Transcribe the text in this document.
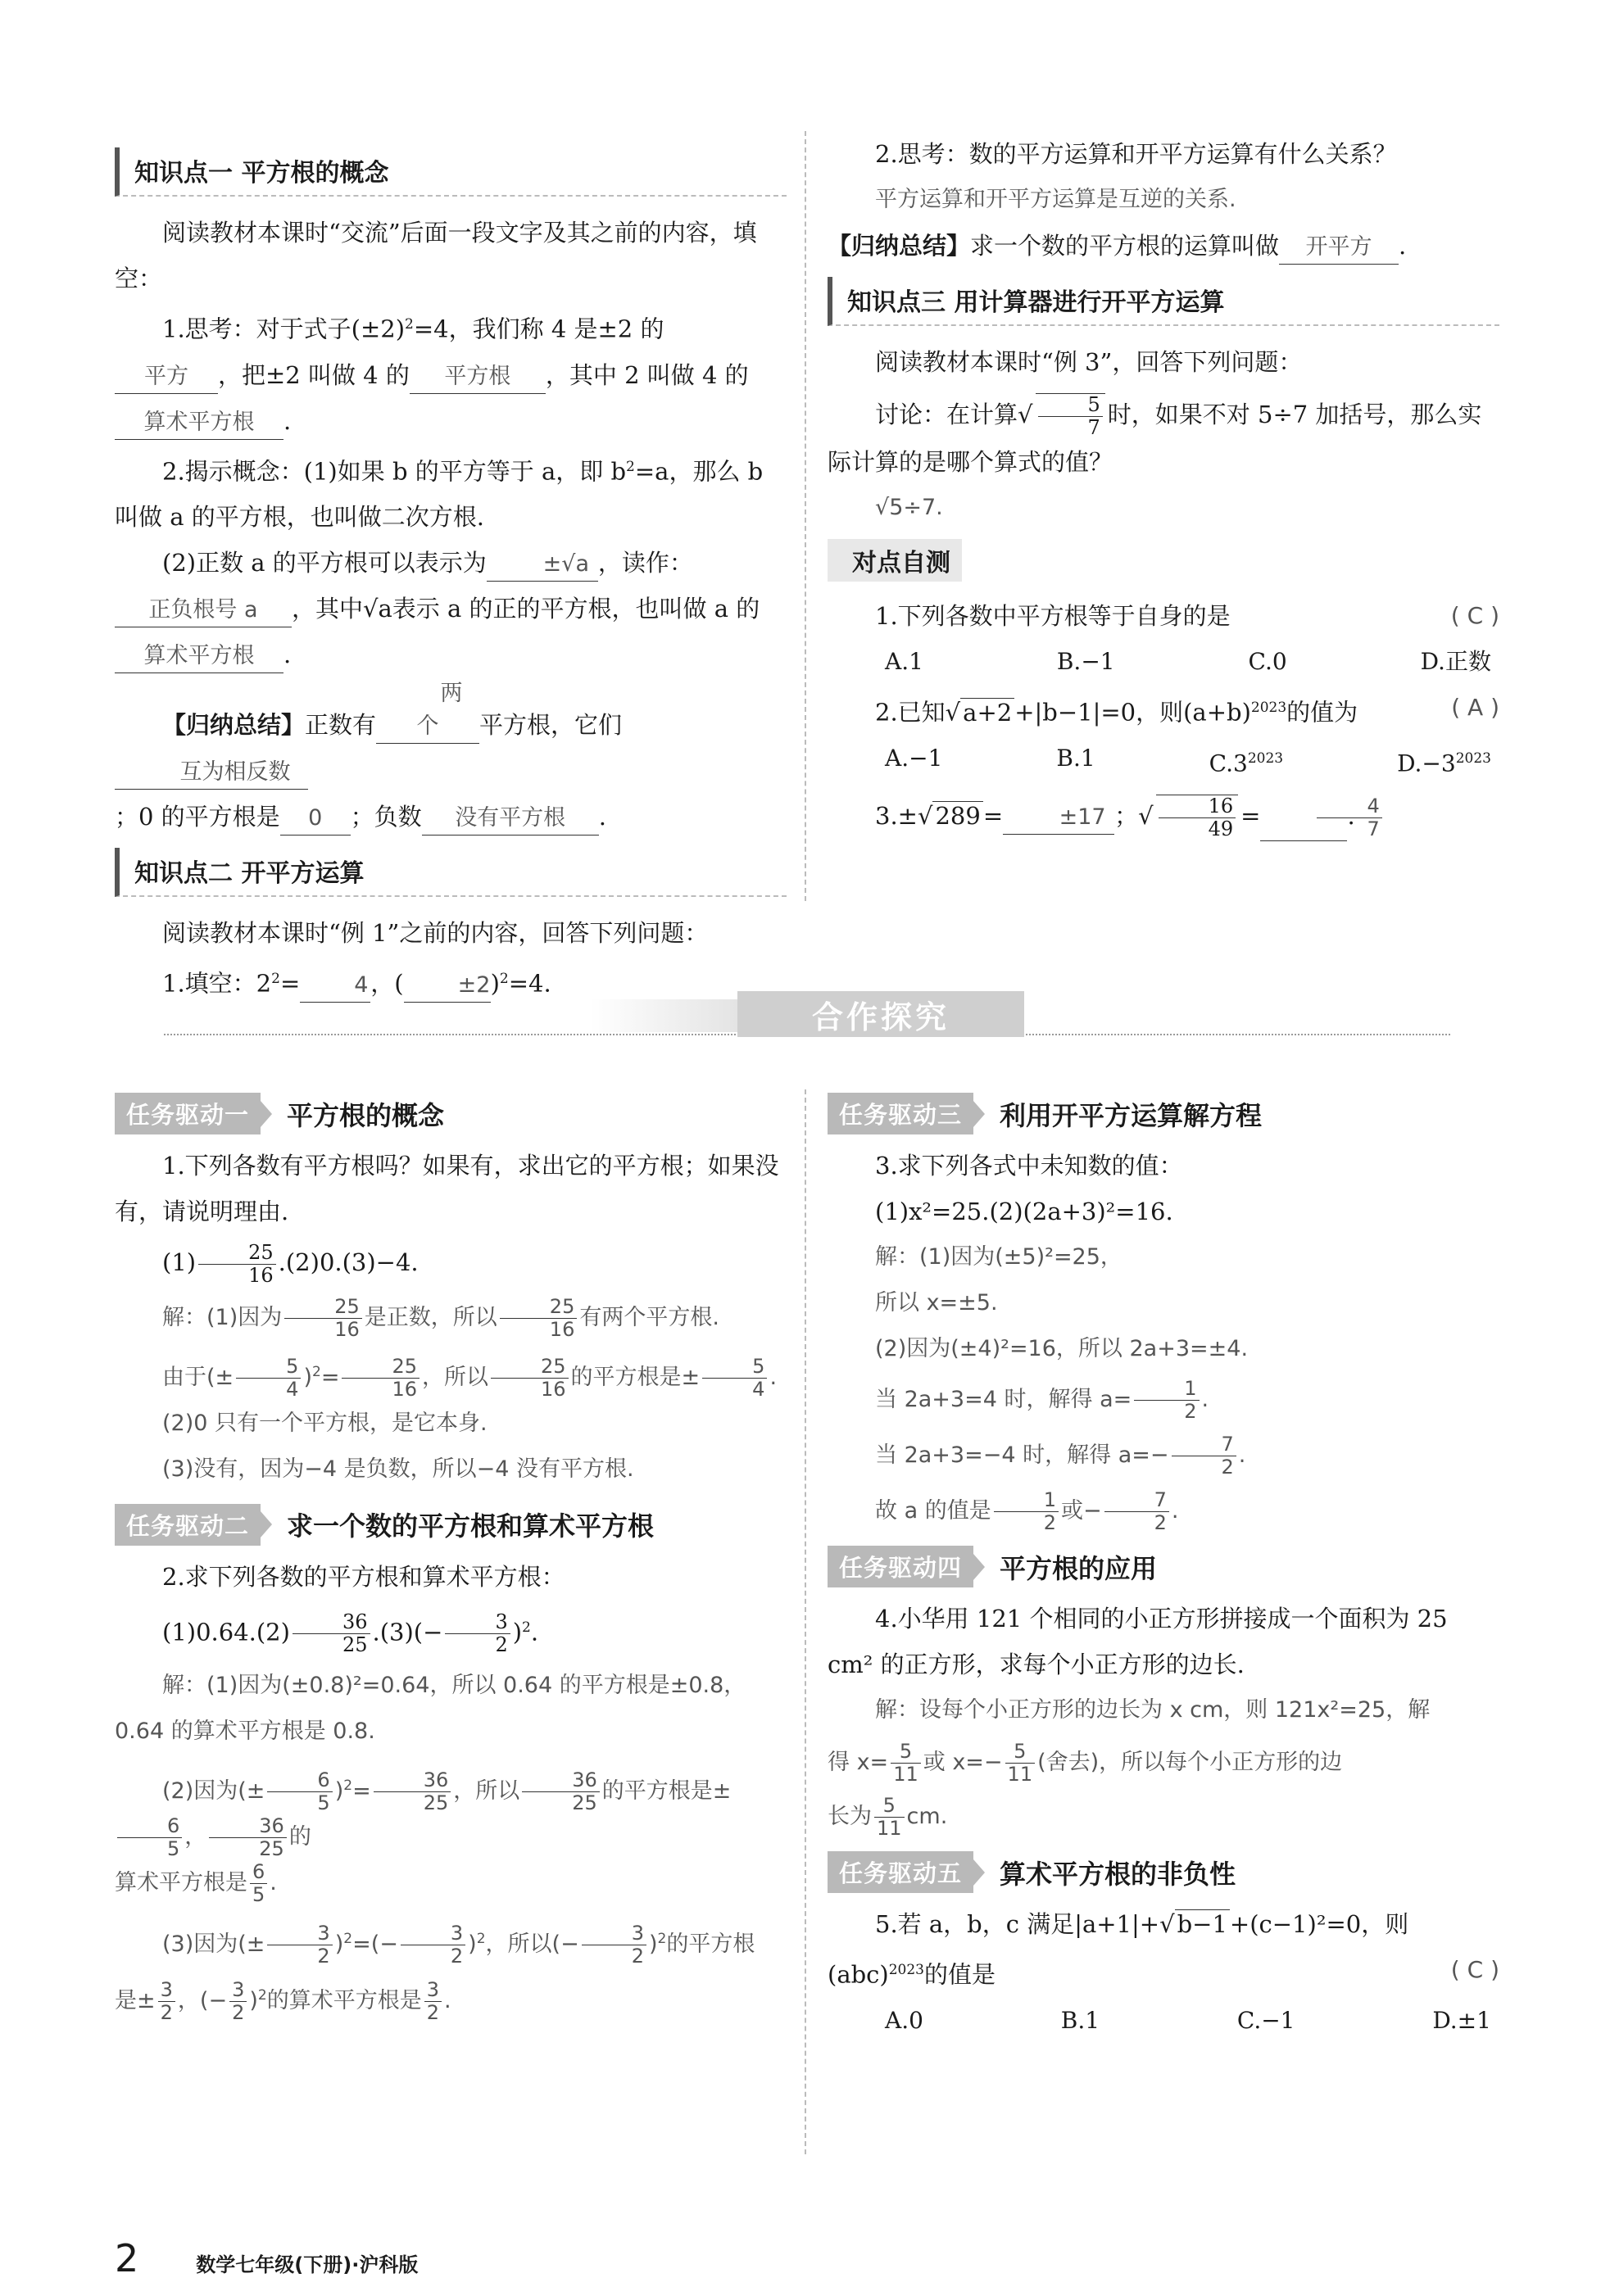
知识点一 平方根的概念

阅读教材本课时“交流”后面一段文字及其之前的内容，填空：

1.思考：对于式子$(\pm 2)^2=4$，我们称 4 是±2 的

平方 ，把±2 叫做 4 的 平方根 ，其中 2 叫做 4 的

算术平方根 .

2.揭示概念：(1)如果 b 的平方等于 a，即 $b^2=a$，那么 b 叫做 a 的平方根，也叫做二次方根.

(2)正数 a 的平方根可以表示为	±√a ，读作：

正负根号 a ，其中√a表示 a 的正的平方根，也叫做 a 的算术平方根 .

【归纳总结】正数有两个 平方根，它们互为相反数

；0 的平方根是 0 ；负数 没有平方根 .

知识点二 开平方运算

阅读教材本课时“例 1”之前的内容，回答下列问题：

1.填空：$2^2= 4$，( ±2)$^2$=4.

2.思考：数的平方运算和开平方运算有什么关系？

平方运算和开平方运算是互逆的关系.

【归纳总结】求一个数的平方根的运算叫做 开平方 .

知识点三 用计算器进行开平方运算

阅读教材本课时“例 3”，回答下列问题：

讨论：在计算√ $\frac{5}{7}$ 时，如果不对 5÷7 加括号，那么实际计算的是哪个算式的值？

√5÷7.

对点自测

1.下列各数中平方根等于自身的是	( C )

A.1	B.−1	C.0	D.正数

2.已知√ a+2 +|b−1|=0，则$(a+b)^{2023}$的值为	( A )

A.−1	B.1	$C.3^{2023}$	$D.-3^{2023}$

3.±√ 289 =	±17 ；√ $\frac{16}{49}$ =	$\frac{4}{7}$
.

合作探究
任务驱动一	平方根的概念

1.下列各数有平方根吗？如果有，求出它的平方根；如果没有，请说明理由.

$(1) \frac{25}{16} .(2)0.(3)-4$.

解：(1)因为 $\frac{25}{16}$ 是正数，所以 $\frac{25}{16}$ 有两个平方根.

由于(± $\frac{5}{4} )^2= \frac{25}{16}$ ，所以 $\frac{25}{16}$ 的平方根是± $\frac{5}{4}$ .

(2)0 只有一个平方根，是它本身.

(3)没有，因为−4 是负数，所以−4 没有平方根.

任务驱动二	求一个数的平方根和算术平方根

2.求下列各数的平方根和算术平方根：

$(1)0.64.(2) \frac{36}{25} .(3)(- \frac{3}{2} )^2$.

解：(1)因为(±0.8)²=0.64，所以 0.64 的平方根是±0.8，0.64 的算术平方根是 0.8.

(2)因为(± $\frac{6}{5} )^2= \frac{36}{25}$ ，所以 $\frac{36}{25}$ 的平方根是±
$\frac{6}{5}$ ， $\frac{36}{25}$ 的

算术平方根是 $\frac{6}{5}$ .

(3)因为(± $\frac{3}{2} )^2=(- \frac{3}{2} )^2$，所以(− $\frac{3}{2} )^2$的平方根

是± $\frac{3}{2}$ ，(− $\frac{3}{2} )^2$的算术平方根是 $\frac{3}{2}$ .

任务驱动三	利用开平方运算解方程

3.求下列各式中未知数的值：

(1)x²=25.(2)(2a+3)²=16.

解：(1)因为(±5)²=25，

所以 x=±5.

(2)因为(±4)²=16，所以 2a+3=±4.

当 2a+3=4 时，解得 $a= \frac{1}{2}$ .

当 2a+3=−4 时，解得 $a=- \frac{7}{2}$ .

故 a 的值是 $\frac{1}{2}$ 或− $\frac{7}{2}$ .

任务驱动四	平方根的应用

4.小华用 121 个相同的小正方形拼接成一个面积为 25 cm² 的正方形，求每个小正方形的边长.

解：设每个小正方形的边长为 x cm，则 121x²=25，解

得 $x= \frac{5}{11}$ 或 $x=- \frac{5}{11}$ (舍去)，所以每个小正方形的边

长为 $\frac{5}{11}$ cm.

任务驱动五	算术平方根的非负性

5.若 a，b，c 满足|a+1|+√ b−1 +(c−1)²=0，则

(abc)$^{2023}$的值是	( C )

A.0	B.1	C.−1	D.±1
2	数学七年级(下册)·沪科版
